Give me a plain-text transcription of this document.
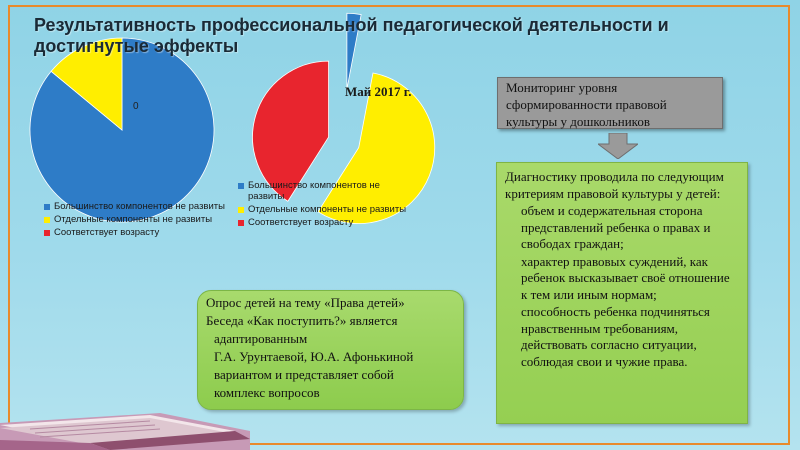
Результативность профессиональной педагогической деятельности и достигнутые эффекты
0
Май 2017 г.
Большинство компонентов не развиты
Отдельные компоненты не развиты
Соответствует возрасту
Большинство компонентов не развиты
Отдельные компоненты не развиты
Соответствует возрасту
Мониторинг уровня сформированности правовой культуры у дошкольников

Диагностику проводила по следующим критериям правовой культуры у детей:

объем и содержательная сторона представлений ребенка о правах и свободах граждан;
характер правовых суждений, как ребенок высказывает своё отношение к тем или иным нормам;
способность ребенка подчиняться нравственным требованиям, действовать согласно ситуации, соблюдая свои и чужие права.

Опрос детей на тему «Права детей»

Беседа «Как поступить?» является

адаптированным

Г.А. Урунтаевой, Ю.А. Афонькиной

вариантом и представляет собой

комплекс вопросов
